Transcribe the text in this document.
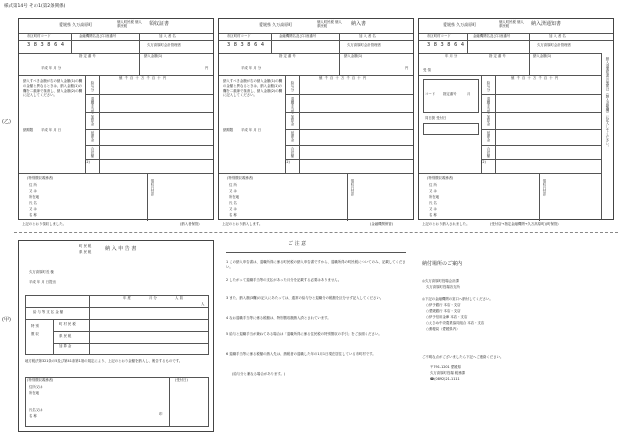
様式第14号 その1(第2条関係)
(乙)
(甲)
愛媛県 久万高原町	個人町民税 個人県民税	領収証書
市区町村コード	金融機関名及び口座番号	加 入 者 名
3 8 3 8 6 4	久万高原町会計管理者
指 定 番 号	納入金額(1)
円
平成 年 月 分
納入すべき金額が右の納入金額(1)の欄の金額と異なるときは、納入金額(1)の欄を二重線で抹消し、納入金額(2)の欄に記入してください。
納期限 平成 年 月 日
億 千 百 十 万 千 百 十 円
給与分
退職手当等
加算金
延滞金
合計額
(2)
(特別徴収義務者)
住 所
又 は
所在地
氏 名
又 は
名 称
領収日付印
上記のとおり領収しました。	(納入者保管)
愛媛県 久万高原町	個人町民税 個人県民税	納入書
市区町村コード	金融機関名及び口座番号	加 入 者 名
3 8 3 8 6 4	久万高原町会計管理者
指 定 番 号	納入金額(1)
円
平成 年 月 分
納入すべき金額が右の納入金額(1)の欄の金額と異なるときは、納入金額(1)の欄を二重線で抹消し、納入金額(2)の欄に記入してください。
納期限 平成 年 月 日
億 千 百 十 万 千 百 十 円
給与分
退職手当等
加算金
延滞金
合計額
(2)
(特別徴収義務者)
住 所
又 は
所在地
氏 名
又 は
名 称
領収日付印
上記のとおり納入します。	(金融機関保管)
愛媛県 久万高原町	個人町民税 個人県民税	納入済通知書
市区町村コード	金融機関名及び口座番号	加 入 者 名
3 8 3 8 6 4	久万高原町会計管理者
年 月 分	指 定 番 号	納入金額(1)
受 領
コード 指定番号	月
同日扱 受付日
億 千 百 十 万 千 百 十 円
給与分
退職手当等
加算金
延滞金
合計額
(2)
納入済通知書の裏面は（納入金額欄）に記入してください。
(特別徴収義務者)
住 所
又 は
所在地
氏 名
又 は
名 称
領収日付印
上記のとおり納入されました。	(受付店→指定金融機関→久万高原町)(町保管)
町 民 税
県 民 税	納 入 申 告 書
久万高原町長 様
平成 年 月 日提出
年 度	月 分	人 員
人
給 与 等 支 払 金 額
特 別
徴 収
町 村 民 税
県 民 税
加 算 金
地方税法第321条の5及び第41条第1項の規定により、上記のとおり金額を納入し、報告するものです。
(特別徴収義務者)
住所又は
所在地
氏名又は
名 称	印
(受付日)
ご 注 意
1 この納入申告書は、退職所得に係る町民税の納入申告書ですから、退職所得の町民税についてのみ、記載してください。
2 したがって退職手当等の支払があった月分を記載する必要はありません。
3 また、納入額(3欄)の記入にあたっては、通常の給与分と退職分の税額を区分せず記入してください。
4 なお退職手当等に係る税額は、特別徴収額納入済とされています。
5 給与と退職手当が兼ねてある場合は「退職所得に係る住民税の特別徴収の手引」をご参照ください。
6 退職手当等に係る税額の納入先は、納税者の退職した年の1月1日現在居住している市町村です。
(給与分と兼なる場合があります。)
納付場所のご案内
◎久万高原町役場会計課
久万高原町役場各支所
◎下記の金融機関の窓口へ納付してください。
○伊予銀行 本店・支店
○愛媛銀行 本店・支店
○伊予信用金庫 本店・支店
○えひめ中央農業協同組合 本店・支店
○郵便局（愛媛県内）
ご不明な点がございましたら下記へご連絡ください。
〒791-1201 愛媛県
久万高原町役場 税務課
☎(0892)21-1111
